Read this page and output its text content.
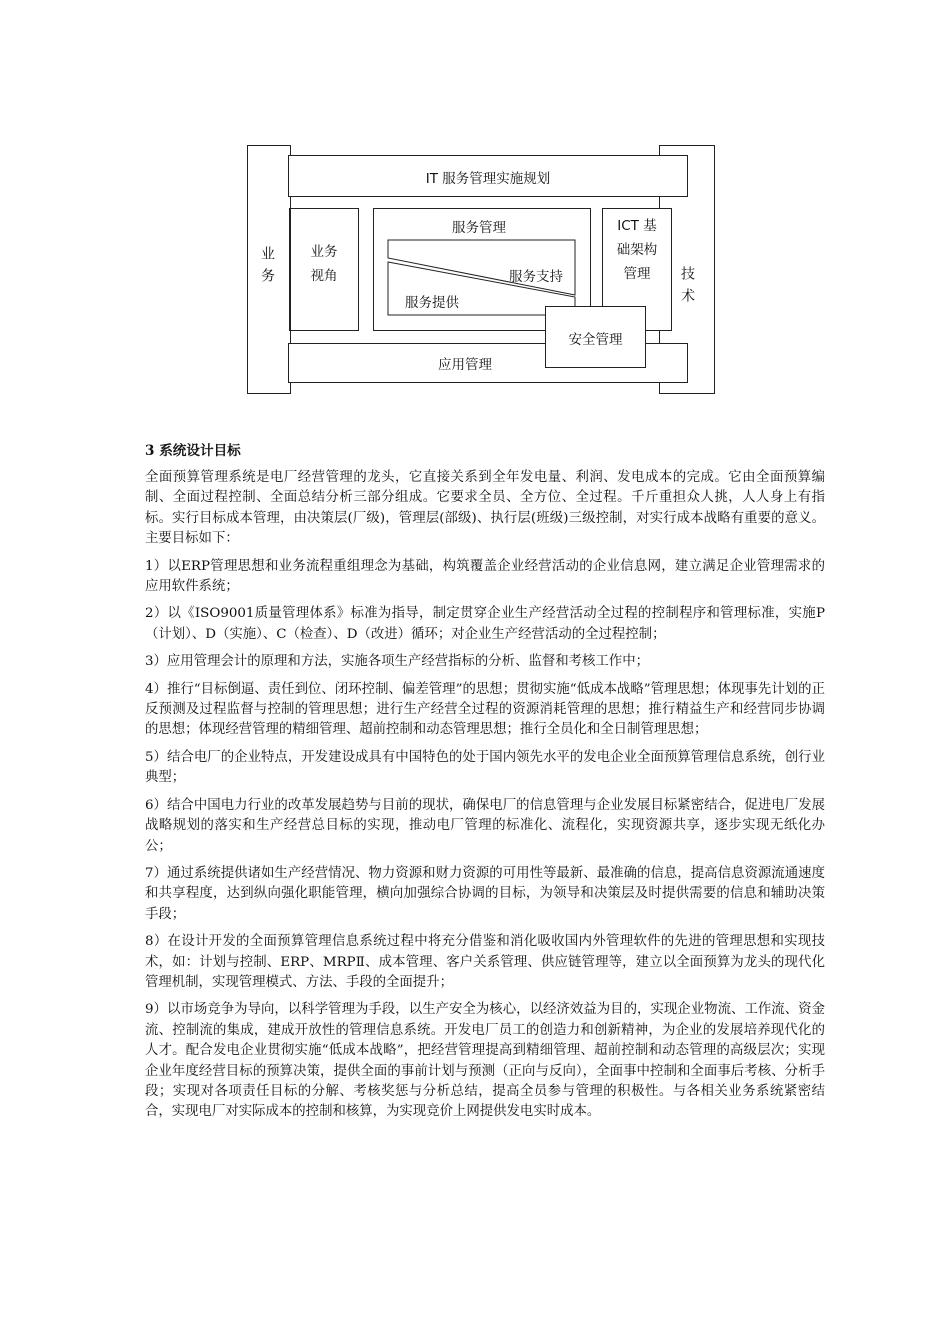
业务	技术
IT 服务管理实施规划
业务
视角
服务管理
服务支持
服务提供
ICT 基
础架构
管理
应用管理
安全管理
3 系统设计目标

全面预算管理系统是电厂经营管理的龙头，它直接关系到全年发电量、利润、发电成本的完成。它由全面预算编制、全面过程控制、全面总结分析三部分组成。它要求全员、全方位、全过程。千斤重担众人挑，人人身上有指标。实行目标成本管理，由决策层(厂级)，管理层(部级)、执行层(班级)三级控制，对实行成本战略有重要的意义。主要目标如下：

1）以ERP管理思想和业务流程重组理念为基础，构筑覆盖企业经营活动的企业信息网，建立满足企业管理需求的应用软件系统；

2）以《ISO9001质量管理体系》标准为指导，制定贯穿企业生产经营活动全过程的控制程序和管理标准，实施P（计划）、D（实施）、C（检查）、D（改进）循环；对企业生产经营活动的全过程控制；

3）应用管理会计的原理和方法，实施各项生产经营指标的分析、监督和考核工作中；

4）推行“目标倒逼、责任到位、闭环控制、偏差管理”的思想；贯彻实施“低成本战略”管理思想；体现事先计划的正反预测及过程监督与控制的管理思想；进行生产经营全过程的资源消耗管理的思想；推行精益生产和经营同步协调的思想；体现经营管理的精细管理、超前控制和动态管理思想；推行全员化和全日制管理思想；

5）结合电厂的企业特点，开发建设成具有中国特色的处于国内领先水平的发电企业全面预算管理信息系统，创行业典型；

6）结合中国电力行业的改革发展趋势与目前的现状，确保电厂的信息管理与企业发展目标紧密结合，促进电厂发展战略规划的落实和生产经营总目标的实现，推动电厂管理的标准化、流程化，实现资源共享，逐步实现无纸化办公；

7）通过系统提供诸如生产经营情况、物力资源和财力资源的可用性等最新、最准确的信息，提高信息资源流通速度和共享程度，达到纵向强化职能管理，横向加强综合协调的目标，为领导和决策层及时提供需要的信息和辅助决策手段；

8）在设计开发的全面预算管理信息系统过程中将充分借鉴和消化吸收国内外管理软件的先进的管理思想和实现技术，如：计划与控制、ERP、MRPⅡ、成本管理、客户关系管理、供应链管理等，建立以全面预算为龙头的现代化管理机制，实现管理模式、方法、手段的全面提升；

9）以市场竞争为导向，以科学管理为手段，以生产安全为核心，以经济效益为目的，实现企业物流、工作流、资金流、控制流的集成，建成开放性的管理信息系统。开发电厂员工的创造力和创新精神，为企业的发展培养现代化的人才。配合发电企业贯彻实施“低成本战略”，把经营管理提高到精细管理、超前控制和动态管理的高级层次；实现企业年度经营目标的预算决策，提供全面的事前计划与预测（正向与反向），全面事中控制和全面事后考核、分析手段；实现对各项责任目标的分解、考核奖惩与分析总结，提高全员参与管理的积极性。与各相关业务系统紧密结合，实现电厂对实际成本的控制和核算，为实现竞价上网提供发电实时成本。
